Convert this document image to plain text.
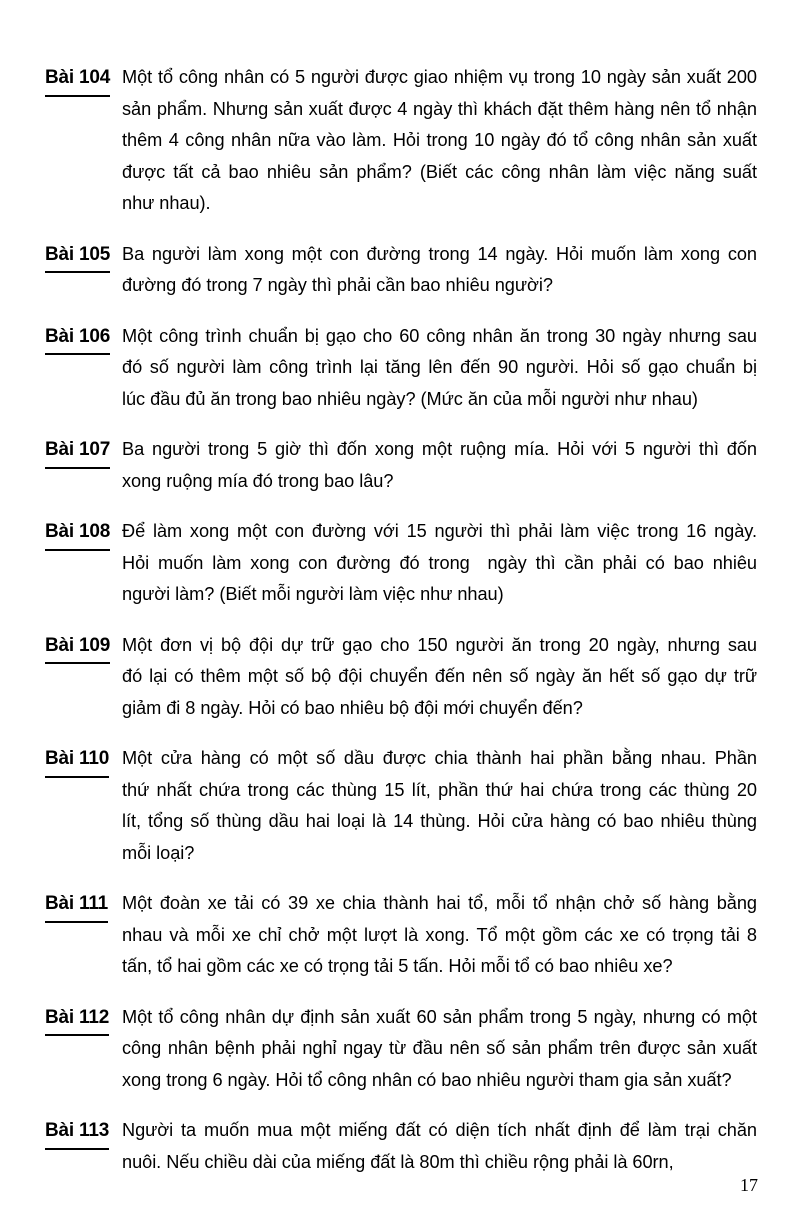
Bài 104 Một tổ công nhân có 5 người được giao nhiệm vụ trong 10 ngày sản xuất 200
sản phẩm. Nhưng sản xuất được 4 ngày thì khách đặt thêm hàng nên tổ nhận
thêm 4 công nhân nữa vào làm. Hỏi trong 10 ngày đó tổ công nhân sản xuất
được tất cả bao nhiêu sản phẩm? (Biết các công nhân làm việc năng suất
như nhau).
Bài 105 Ba người làm xong một con đường trong 14 ngày. Hỏi muốn làm xong con
đường đó trong 7 ngày thì phải cần bao nhiêu người?
Bài 106 Một công trình chuẩn bị gạo cho 60 công nhân ăn trong 30 ngày nhưng sau
đó số người làm công trình lại tăng lên đến 90 người. Hỏi số gạo chuẩn bị
lúc đầu đủ ăn trong bao nhiêu ngày? (Mức ăn của mỗi người như nhau)
Bài 107 Ba người trong 5 giờ thì đốn xong một ruộng mía. Hỏi với 5 người thì đốn
xong ruộng mía đó trong bao lâu?
Bài 108 Để làm xong một con đường với 15 người thì phải làm việc trong 16 ngày.
Hỏi muốn làm xong con đường đó trong  ngày thì cần phải có bao nhiêu
người làm? (Biết mỗi người làm việc như nhau)
Bài 109 Một đơn vị bộ đội dự trữ gạo cho 150 người ăn trong 20 ngày, nhưng sau
đó lại có thêm một số bộ đội chuyển đến nên số ngày ăn hết số gạo dự trữ
giảm đi 8 ngày. Hỏi có bao nhiêu bộ đội mới chuyển đến?
Bài 110 Một cửa hàng có một số dầu được chia thành hai phần bằng nhau. Phần
thứ nhất chứa trong các thùng 15 lít, phần thứ hai chứa trong các thùng 20
lít, tổng số thùng dầu hai loại là 14 thùng. Hỏi cửa hàng có bao nhiêu thùng
mỗi loại?
Bài 111 Một đoàn xe tải có 39 xe chia thành hai tổ, mỗi tổ nhận chở số hàng bằng
nhau và mỗi xe chỉ chở một lượt là xong. Tổ một gồm các xe có trọng tải 8
tấn, tổ hai gồm các xe có trọng tải 5 tấn. Hỏi mỗi tổ có bao nhiêu xe?
Bài 112 Một tổ công nhân dự định sản xuất 60 sản phẩm trong 5 ngày, nhưng có một
công nhân bệnh phải nghỉ ngay từ đầu nên số sản phẩm trên được sản xuất
xong trong 6 ngày. Hỏi tổ công nhân có bao nhiêu người tham gia sản xuất?
Bài 113 Người ta muốn mua một miếng đất có diện tích nhất định để làm trại chăn
nuôi. Nếu chiều dài của miếng đất là 80m thì chiều rộng phải là 60rn,
17
